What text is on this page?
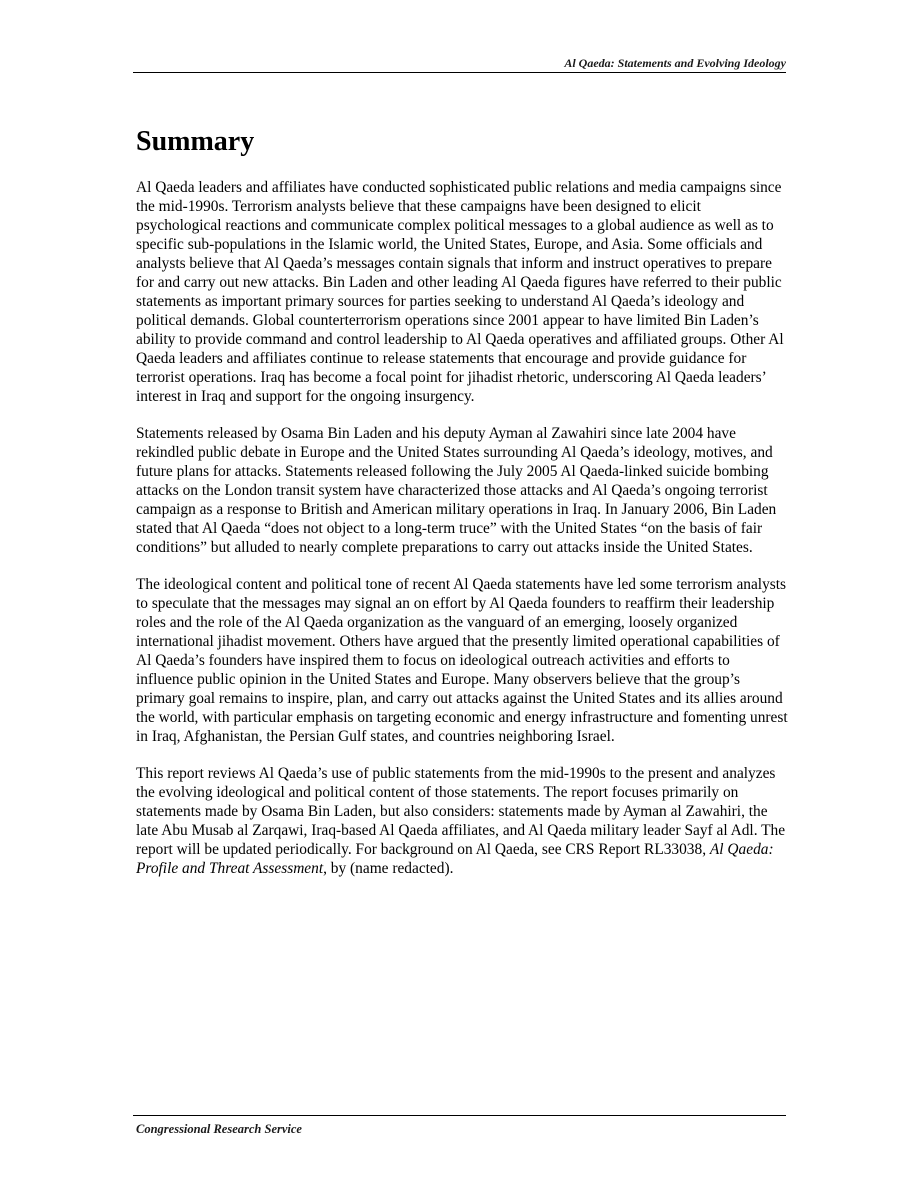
Al Qaeda: Statements and Evolving Ideology
Summary

Al Qaeda leaders and affiliates have conducted sophisticated public relations and media campaigns since the mid-1990s. Terrorism analysts believe that these campaigns have been designed to elicit psychological reactions and communicate complex political messages to a global audience as well as to specific sub-populations in the Islamic world, the United States, Europe, and Asia. Some officials and analysts believe that Al Qaeda’s messages contain signals that inform and instruct operatives to prepare for and carry out new attacks. Bin Laden and other leading Al Qaeda figures have referred to their public statements as important primary sources for parties seeking to understand Al Qaeda’s ideology and political demands. Global counterterrorism operations since 2001 appear to have limited Bin Laden’s ability to provide command and control leadership to Al Qaeda operatives and affiliated groups. Other Al Qaeda leaders and affiliates continue to release statements that encourage and provide guidance for terrorist operations. Iraq has become a focal point for jihadist rhetoric, underscoring Al Qaeda leaders’ interest in Iraq and support for the ongoing insurgency.

Statements released by Osama Bin Laden and his deputy Ayman al Zawahiri since late 2004 have rekindled public debate in Europe and the United States surrounding Al Qaeda’s ideology, motives, and future plans for attacks. Statements released following the July 2005 Al Qaeda-linked suicide bombing attacks on the London transit system have characterized those attacks and Al Qaeda’s ongoing terrorist campaign as a response to British and American military operations in Iraq. In January 2006, Bin Laden stated that Al Qaeda “does not object to a long-term truce” with the United States “on the basis of fair conditions” but alluded to nearly complete preparations to carry out attacks inside the United States.

The ideological content and political tone of recent Al Qaeda statements have led some terrorism analysts to speculate that the messages may signal an on effort by Al Qaeda founders to reaffirm their leadership roles and the role of the Al Qaeda organization as the vanguard of an emerging, loosely organized international jihadist movement. Others have argued that the presently limited operational capabilities of Al Qaeda’s founders have inspired them to focus on ideological outreach activities and efforts to influence public opinion in the United States and Europe. Many observers believe that the group’s primary goal remains to inspire, plan, and carry out attacks against the United States and its allies around the world, with particular emphasis on targeting economic and energy infrastructure and fomenting unrest in Iraq, Afghanistan, the Persian Gulf states, and countries neighboring Israel.

This report reviews Al Qaeda’s use of public statements from the mid-1990s to the present and analyzes the evolving ideological and political content of those statements. The report focuses primarily on statements made by Osama Bin Laden, but also considers: statements made by Ayman al Zawahiri, the late Abu Musab al Zarqawi, Iraq-based Al Qaeda affiliates, and Al Qaeda military leader Sayf al Adl. The report will be updated periodically. For background on Al Qaeda, see CRS Report RL33038, Al Qaeda: Profile and Threat Assessment, by (name redacted).

Congressional Research Service
